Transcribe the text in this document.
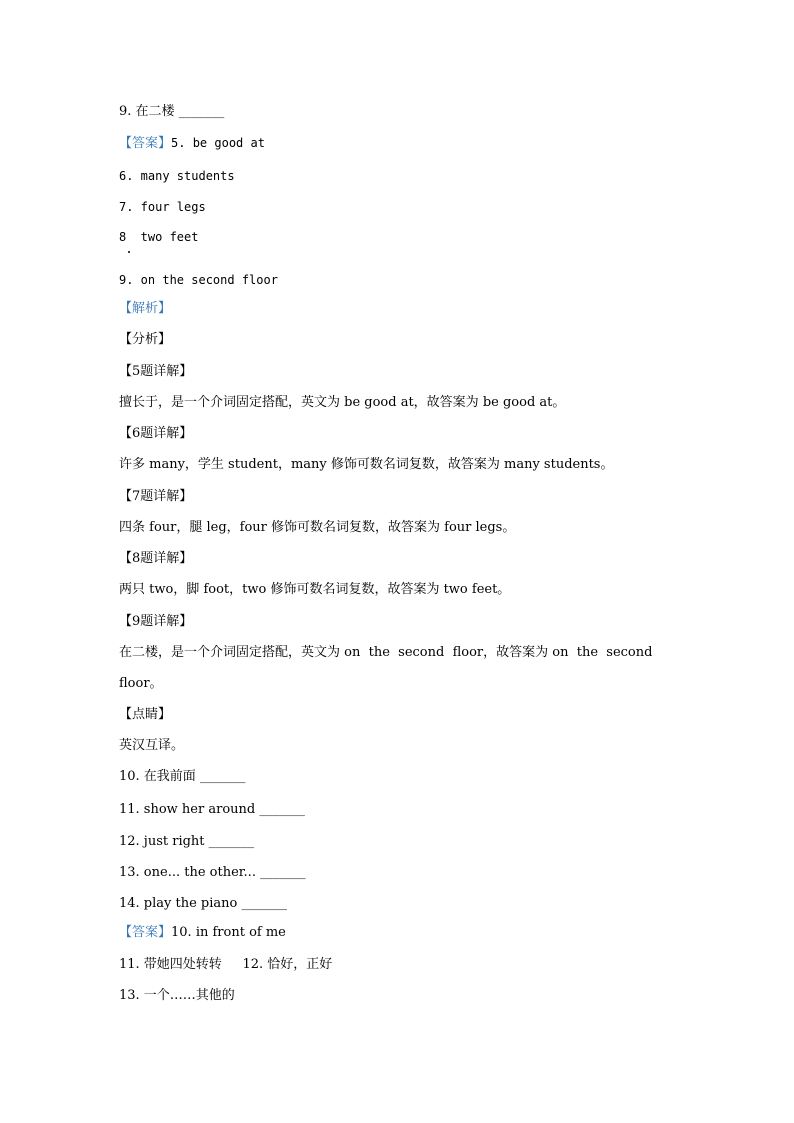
9. 在二楼 _______
【答案】5. be good at
6. many students
7. four legs
8  two feet
9. on the second floor
【解析】
【分析】
【5题详解】
擅长于，是一个介词固定搭配，英文为 be good at，故答案为 be good at。
【6题详解】
许多 many，学生 student，many 修饰可数名词复数，故答案为 many students。
【7题详解】
四条 four，腿 leg，four 修饰可数名词复数，故答案为 four legs。
【8题详解】
两只 two，脚 foot，two 修饰可数名词复数，故答案为 two feet。
【9题详解】
在二楼，是一个介词固定搭配，英文为 on  the  second  floor，故答案为 on  the  second
floor。
【点睛】
英汉互译。
10. 在我前面 _______
11. show her around _______
12. just right _______
13. one... the other... _______
14. play the piano _______
【答案】10. in front of me
11. 带她四处转转     12. 恰好，正好
13. 一个……其他的
